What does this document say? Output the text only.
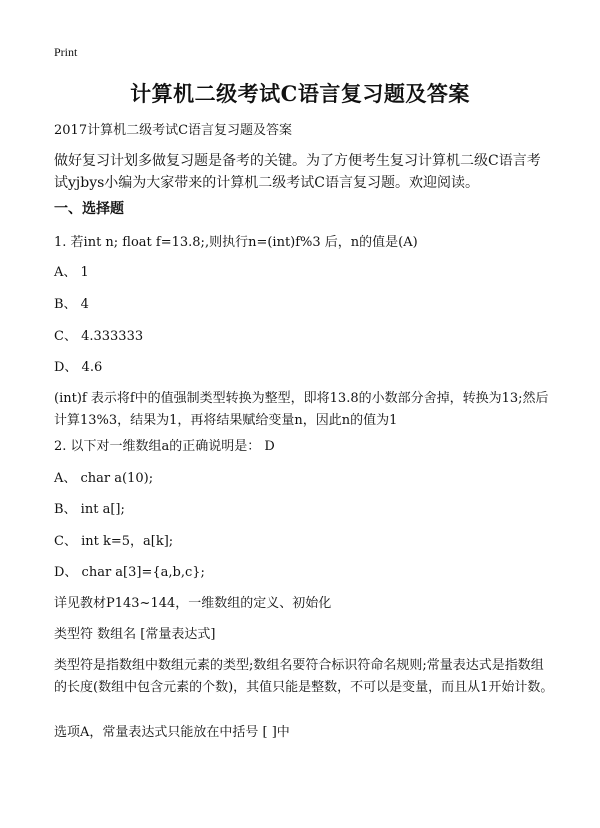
Print
计算机二级考试C语言复习题及答案
2017计算机二级考试C语言复习题及答案
做好复习计划多做复习题是备考的关键。为了方便考生复习计算机二级C语言考试yjbys小编为大家带来的计算机二级考试C语言复习题。欢迎阅读。
一、选择题
1. 若int n; float f=13.8;,则执行n=(int)f%3 后，n的值是(A)
A、 1
B、 4
C、 4.333333
D、 4.6
(int)f 表示将f中的值强制类型转换为整型，即将13.8的小数部分舍掉，转换为13;然后计算13%3，结果为1，再将结果赋给变量n，因此n的值为1
2. 以下对一维数组a的正确说明是： D
A、 char a(10);
B、 int a[];
C、 int k=5，a[k];
D、 char a[3]={a,b,c};
详见教材P143~144，一维数组的定义、初始化
类型符 数组名 [常量表达式]
类型符是指数组中数组元素的类型;数组名要符合标识符命名规则;常量表达式是指数组的长度(数组中包含元素的个数)，其值只能是整数，不可以是变量，而且从1开始计数。
选项A，常量表达式只能放在中括号 [ ]中
